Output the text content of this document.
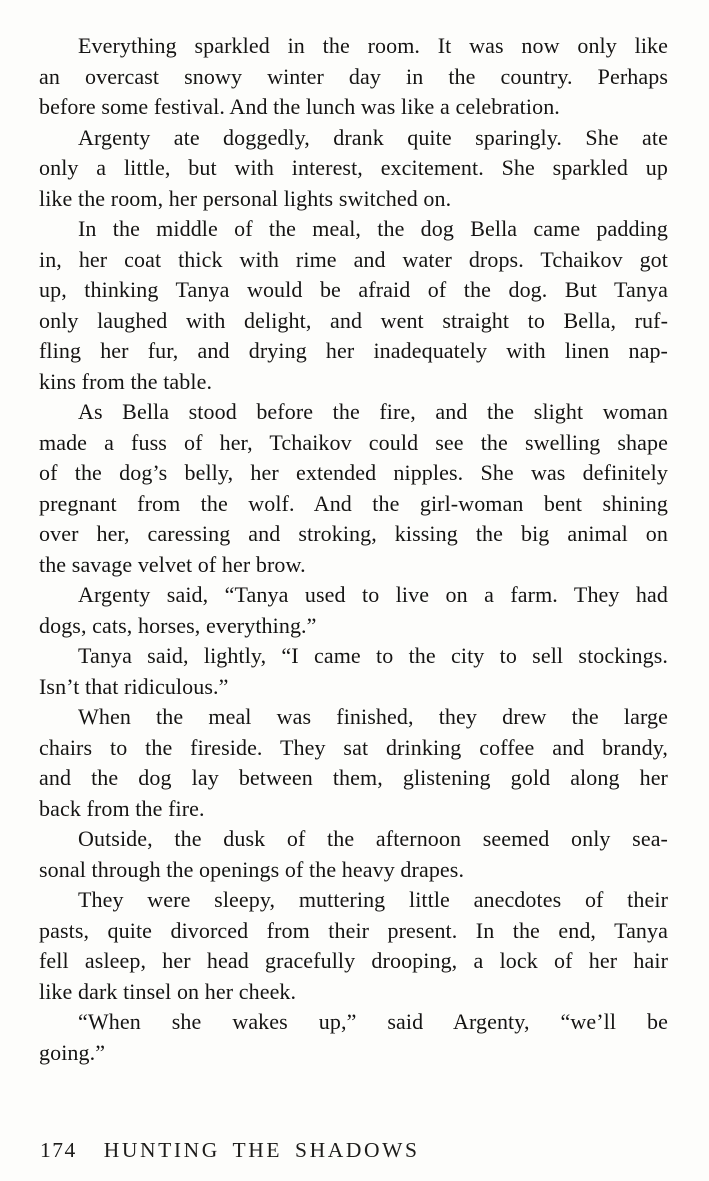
Everything sparkled in the room. It was now only like
an overcast snowy winter day in the country. Perhaps
before some festival. And the lunch was like a celebration.
Argenty ate doggedly, drank quite sparingly. She ate
only a little, but with interest, excitement. She sparkled up
like the room, her personal lights switched on.
In the middle of the meal, the dog Bella came padding
in, her coat thick with rime and water drops. Tchaikov got
up, thinking Tanya would be afraid of the dog. But Tanya
only laughed with delight, and went straight to Bella, ruf-
fling her fur, and drying her inadequately with linen nap-
kins from the table.
As Bella stood before the fire, and the slight woman
made a fuss of her, Tchaikov could see the swelling shape
of the dog’s belly, her extended nipples. She was definitely
pregnant from the wolf. And the girl-woman bent shining
over her, caressing and stroking, kissing the big animal on
the savage velvet of her brow.
Argenty said, “Tanya used to live on a farm. They had
dogs, cats, horses, everything.”
Tanya said, lightly, “I came to the city to sell stockings.
Isn’t that ridiculous.”
When the meal was finished, they drew the large
chairs to the fireside. They sat drinking coffee and brandy,
and the dog lay between them, glistening gold along her
back from the fire.
Outside, the dusk of the afternoon seemed only sea-
sonal through the openings of the heavy drapes.
They were sleepy, muttering little anecdotes of their
pasts, quite divorced from their present. In the end, Tanya
fell asleep, her head gracefully drooping, a lock of her hair
like dark tinsel on her cheek.
“When she wakes up,” said Argenty, “we’ll be
going.”
174 HUNTING THE SHADOWS
